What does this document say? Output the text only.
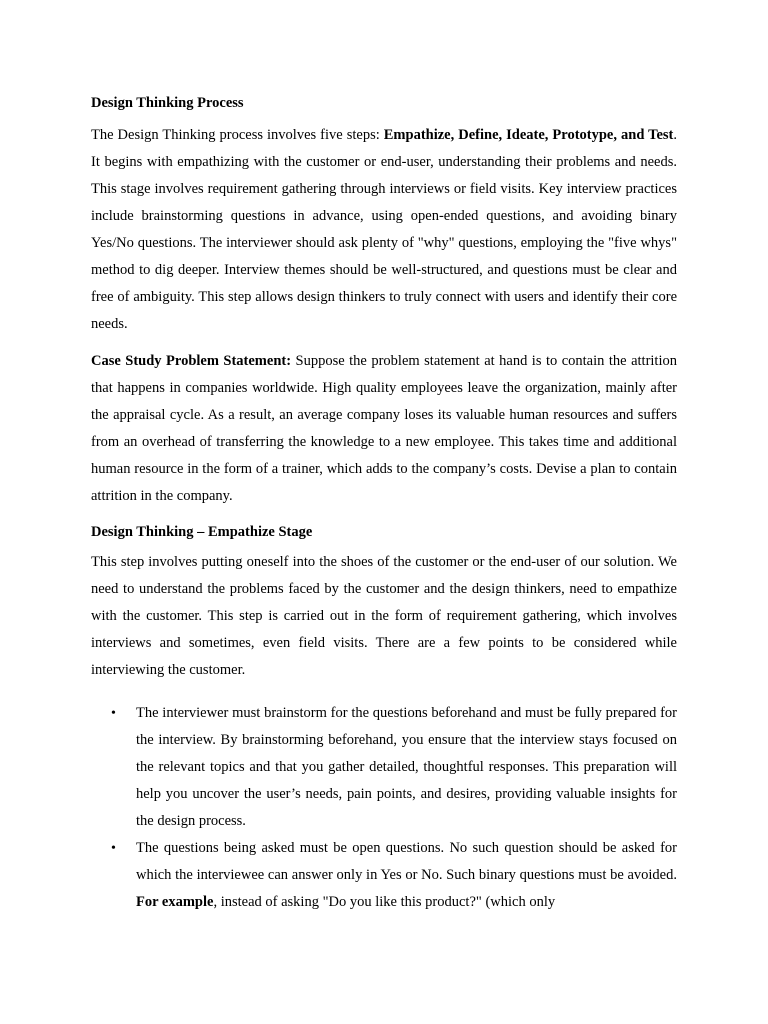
Design Thinking Process

The Design Thinking process involves five steps: Empathize, Define, Ideate, Prototype, and Test. It begins with empathizing with the customer or end-user, understanding their problems and needs. This stage involves requirement gathering through interviews or field visits. Key interview practices include brainstorming questions in advance, using open-ended questions, and avoiding binary Yes/No questions. The interviewer should ask plenty of "why" questions, employing the "five whys" method to dig deeper. Interview themes should be well-structured, and questions must be clear and free of ambiguity. This step allows design thinkers to truly connect with users and identify their core needs.

Case Study Problem Statement: Suppose the problem statement at hand is to contain the attrition that happens in companies worldwide. High quality employees leave the organization, mainly after the appraisal cycle. As a result, an average company loses its valuable human resources and suffers from an overhead of transferring the knowledge to a new employee. This takes time and additional human resource in the form of a trainer, which adds to the company’s costs. Devise a plan to contain attrition in the company.

Design Thinking – Empathize Stage

This step involves putting oneself into the shoes of the customer or the end-user of our solution. We need to understand the problems faced by the customer and the design thinkers, need to empathize with the customer. This step is carried out in the form of requirement gathering, which involves interviews and sometimes, even field visits. There are a few points to be considered while interviewing the customer.

• The interviewer must brainstorm for the questions beforehand and must be fully prepared for the interview. By brainstorming beforehand, you ensure that the interview stays focused on the relevant topics and that you gather detailed, thoughtful responses. This preparation will help you uncover the user’s needs, pain points, and desires, providing valuable insights for the design process.
• The questions being asked must be open questions. No such question should be asked for which the interviewee can answer only in Yes or No. Such binary questions must be avoided. For example, instead of asking "Do you like this product?" (which only
